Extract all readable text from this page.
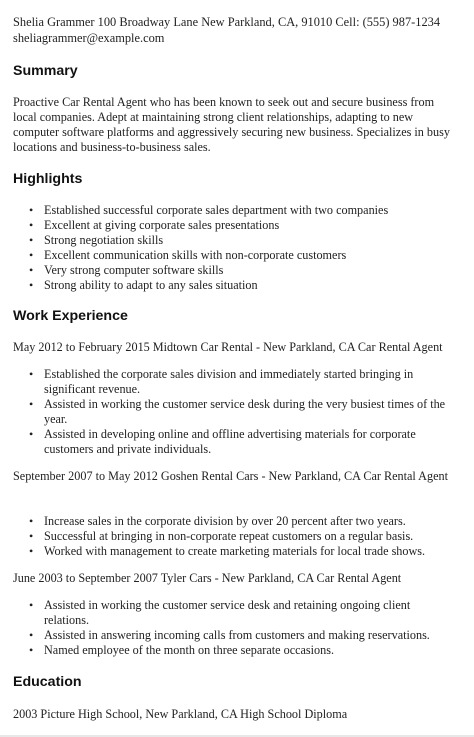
Shelia Grammer 100 Broadway Lane New Parkland, CA, 91010 Cell: (555) 987-1234
sheliagrammer@example.com
Summary
Proactive Car Rental Agent who has been known to seek out and secure business from local companies. Adept at maintaining strong client relationships, adapting to new computer software platforms and aggressively securing new business. Specializes in busy locations and business-to-business sales.
Highlights
• Established successful corporate sales department with two companies
• Excellent at giving corporate sales presentations
• Strong negotiation skills
• Excellent communication skills with non-corporate customers
• Very strong computer software skills
• Strong ability to adapt to any sales situation
Work Experience
May 2012 to February 2015 Midtown Car Rental - New Parkland, CA Car Rental Agent
• Established the corporate sales division and immediately started bringing in significant revenue.
• Assisted in working the customer service desk during the very busiest times of the year.
• Assisted in developing online and offline advertising materials for corporate customers and private individuals.
September 2007 to May 2012 Goshen Rental Cars - New Parkland, CA Car Rental Agent
• Increase sales in the corporate division by over 20 percent after two years.
• Successful at bringing in non-corporate repeat customers on a regular basis.
• Worked with management to create marketing materials for local trade shows.
June 2003 to September 2007 Tyler Cars - New Parkland, CA Car Rental Agent
• Assisted in working the customer service desk and retaining ongoing client relations.
• Assisted in answering incoming calls from customers and making reservations.
• Named employee of the month on three separate occasions.
Education
2003 Picture High School, New Parkland, CA High School Diploma
